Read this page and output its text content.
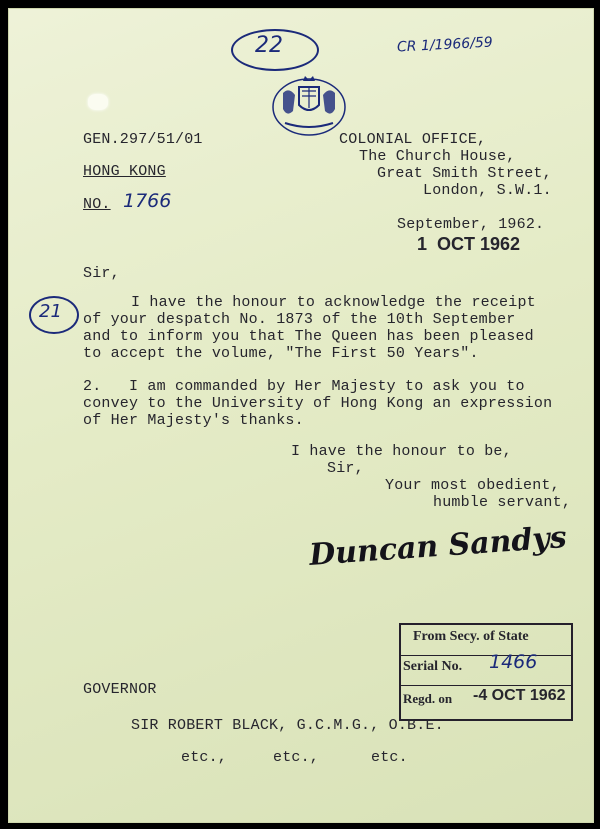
22	CR 1/1966/59
GEN.297/51/01
HONG KONG
NO. 1766
COLONIAL OFFICE,
The Church House,
Great Smith Street,
London, S.W.1.
September, 1962.
1  OCT 1962
Sir,
21	I have the honour to acknowledge the receipt
of your despatch No. 1873 of the 10th September
and to inform you that The Queen has been pleased
to accept the volume, "The First 50 Years".
2.   I am commanded by Her Majesty to ask you to
convey to the University of Hong Kong an expression
of Her Majesty's thanks.
I have the honour to be,
Sir,
Your most obedient,
humble servant,
Duncan Sandys
From Secy. of State
Serial No. 1466
Regd. on -4 OCT 1962
GOVERNOR
SIR ROBERT BLACK, G.C.M.G., O.B.E.
etc.,	etc.,	etc.
